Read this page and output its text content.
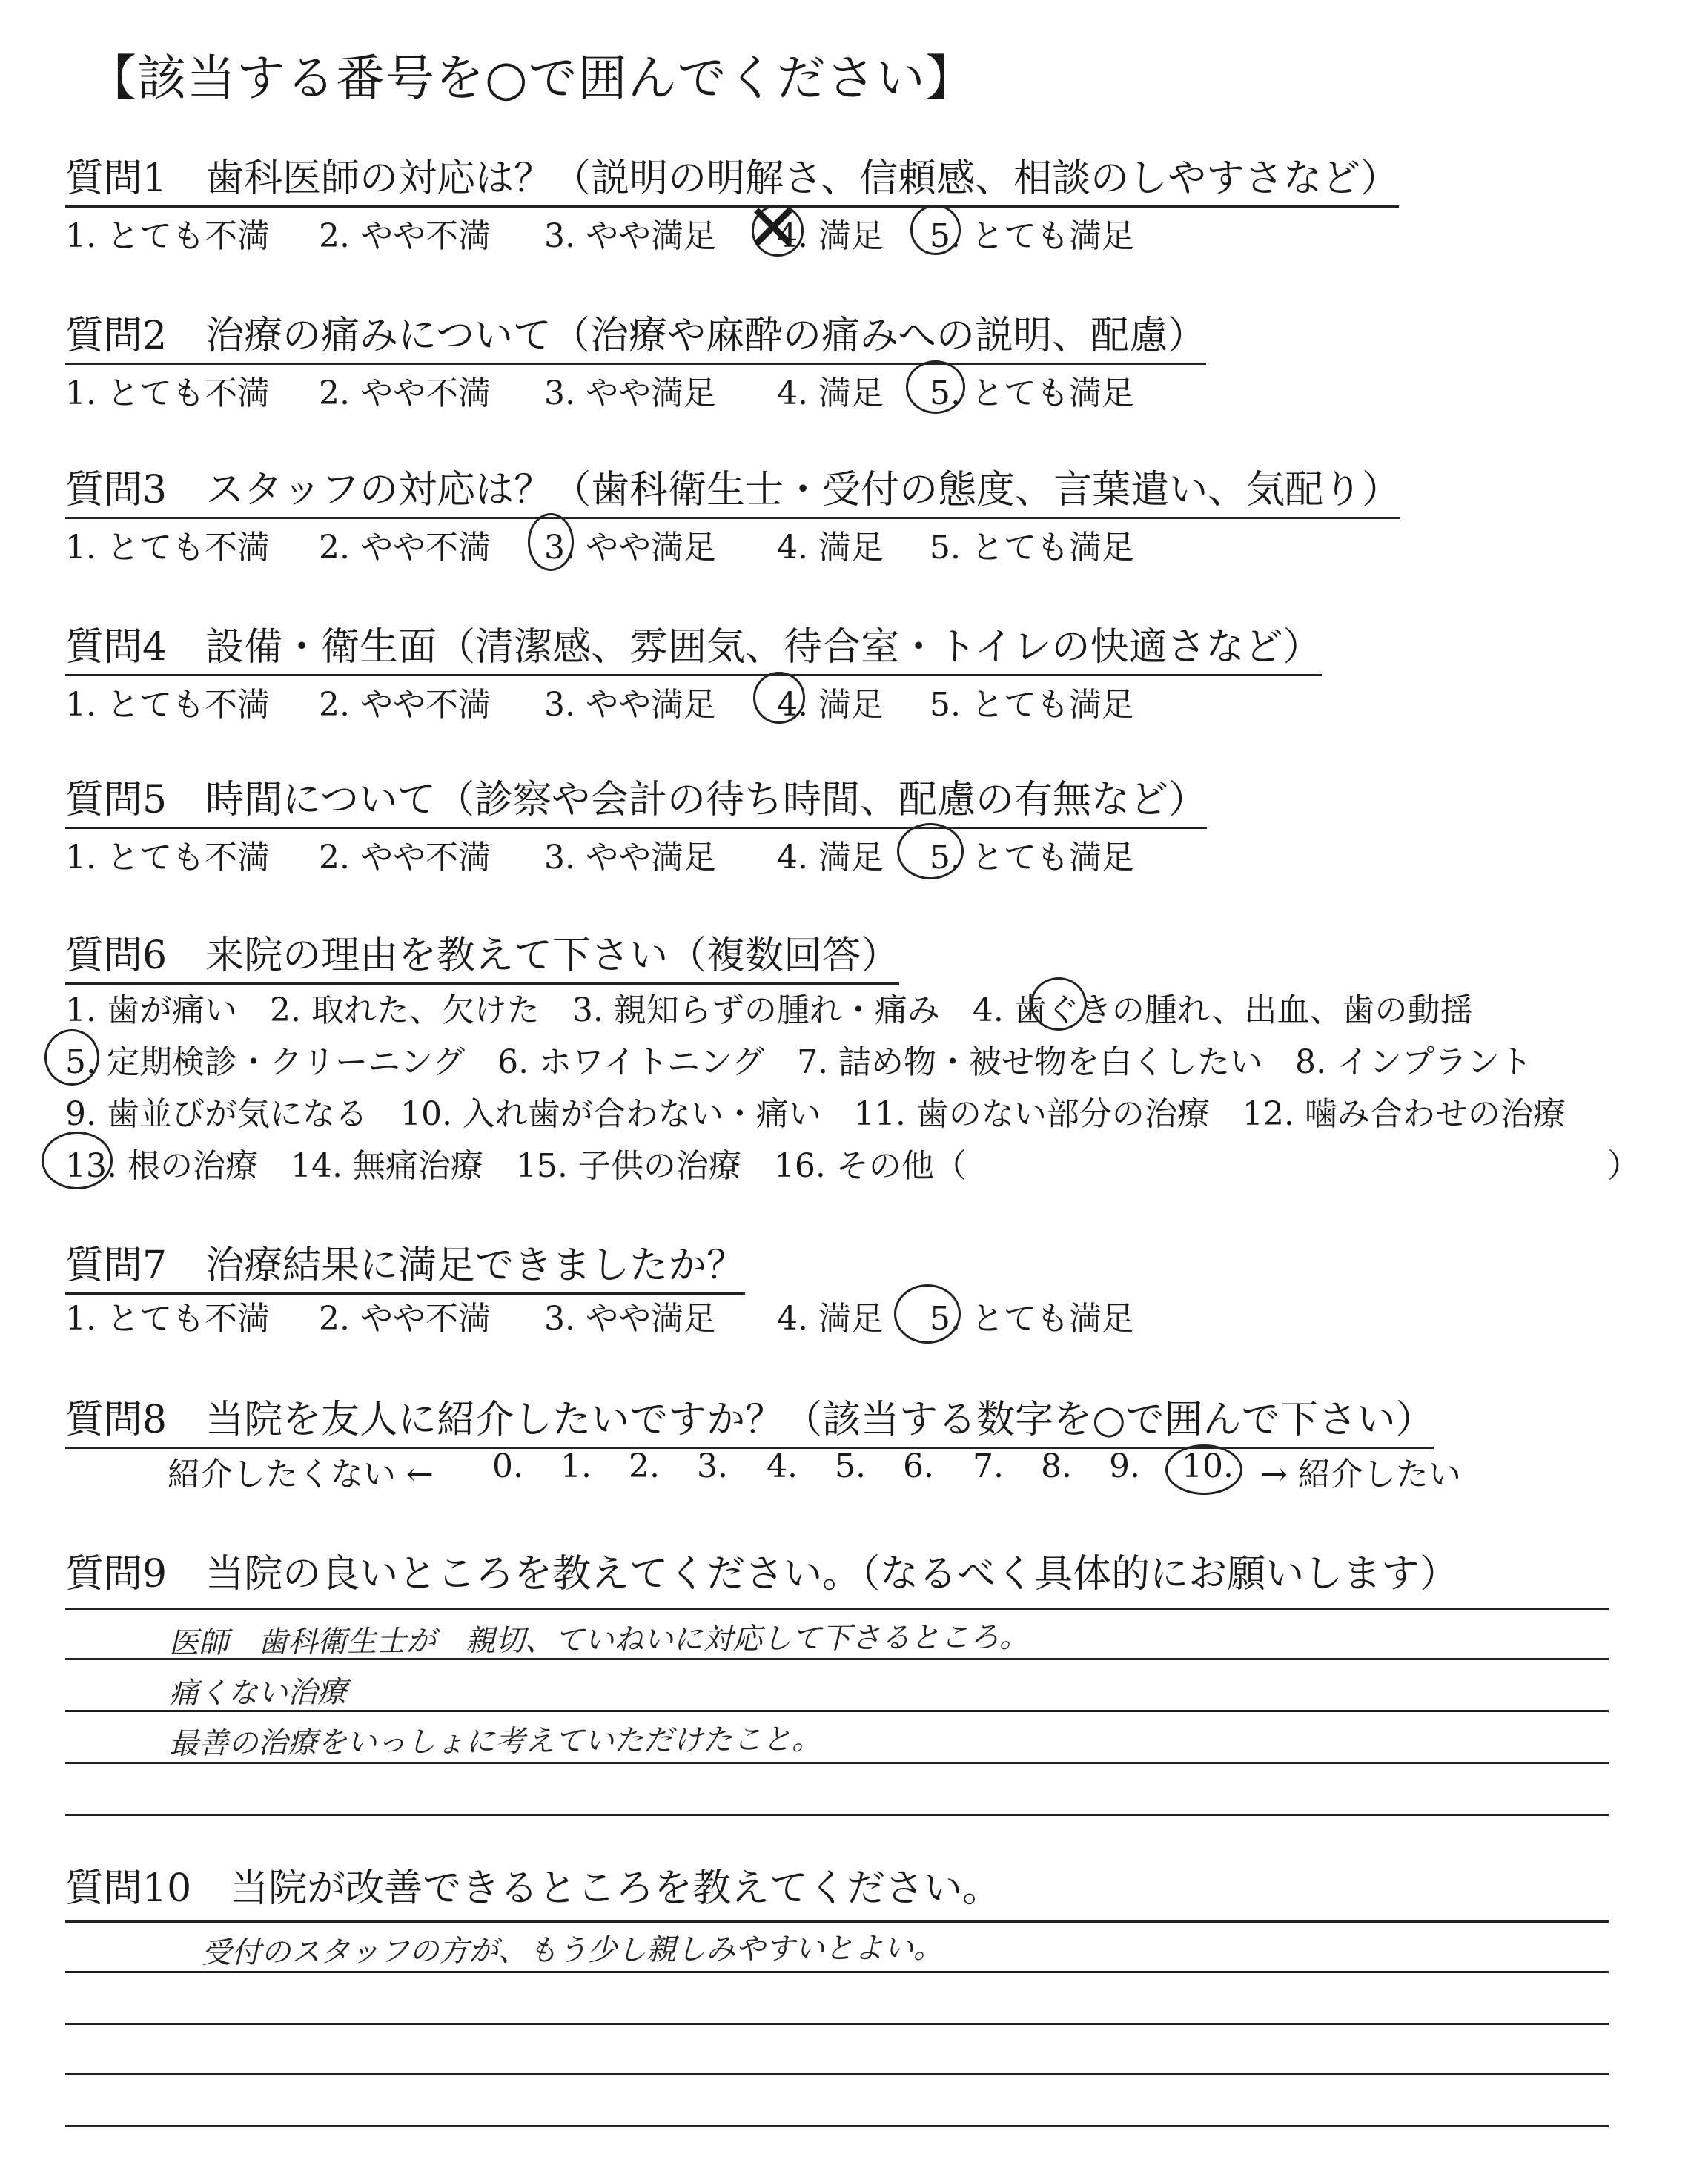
【該当する番号を○で囲んでください】
質問1　歯科医師の対応は？（説明の明解さ、信頼感、相談のしやすさなど）
1. とても不満 2. やや不満 3. やや満足 4. 満足 5. とても満足
✕
質問2　治療の痛みについて（治療や麻酔の痛みへの説明、配慮）
1. とても不満 2. やや不満 3. やや満足 4. 満足 5. とても満足
質問3　スタッフの対応は？（歯科衛生士・受付の態度、言葉遣い、気配り）
1. とても不満 2. やや不満 3. やや満足 4. 満足 5. とても満足
質問4　設備・衛生面（清潔感、雰囲気、待合室・トイレの快適さなど）
1. とても不満 2. やや不満 3. やや満足 4. 満足 5. とても満足
質問5　時間について（診察や会計の待ち時間、配慮の有無など）
1. とても不満 2. やや不満 3. やや満足 4. 満足 5. とても満足
質問6　来院の理由を教えて下さい（複数回答）
1. 歯が痛い　2. 取れた、欠けた　3. 親知らずの腫れ・痛み　4. 歯ぐきの腫れ、出血、歯の動揺
5. 定期検診・クリーニング　6. ホワイトニング　7. 詰め物・被せ物を白くしたい　8. インプラント
9. 歯並びが気になる　10. 入れ歯が合わない・痛い　11. 歯のない部分の治療　12. 噛み合わせの治療
13. 根の治療　14. 無痛治療　15. 子供の治療　16. その他（	）
質問7　治療結果に満足できましたか？
1. とても不満 2. やや不満 3. やや満足 4. 満足 5. とても満足
質問8　当院を友人に紹介したいですか？（該当する数字を○で囲んで下さい）
紹介したくない ← 0. 1. 2. 3. 4. 5. 6. 7. 8. 9. 10. → 紹介したい
質問9　当院の良いところを教えてください。（なるべく具体的にお願いします）
医師　歯科衛生士が　親切、ていねいに対応して下さるところ。
痛くない治療
最善の治療をいっしょに考えていただけたこと。
質問10　当院が改善できるところを教えてください。
受付のスタッフの方が、もう少し親しみやすいとよい。
